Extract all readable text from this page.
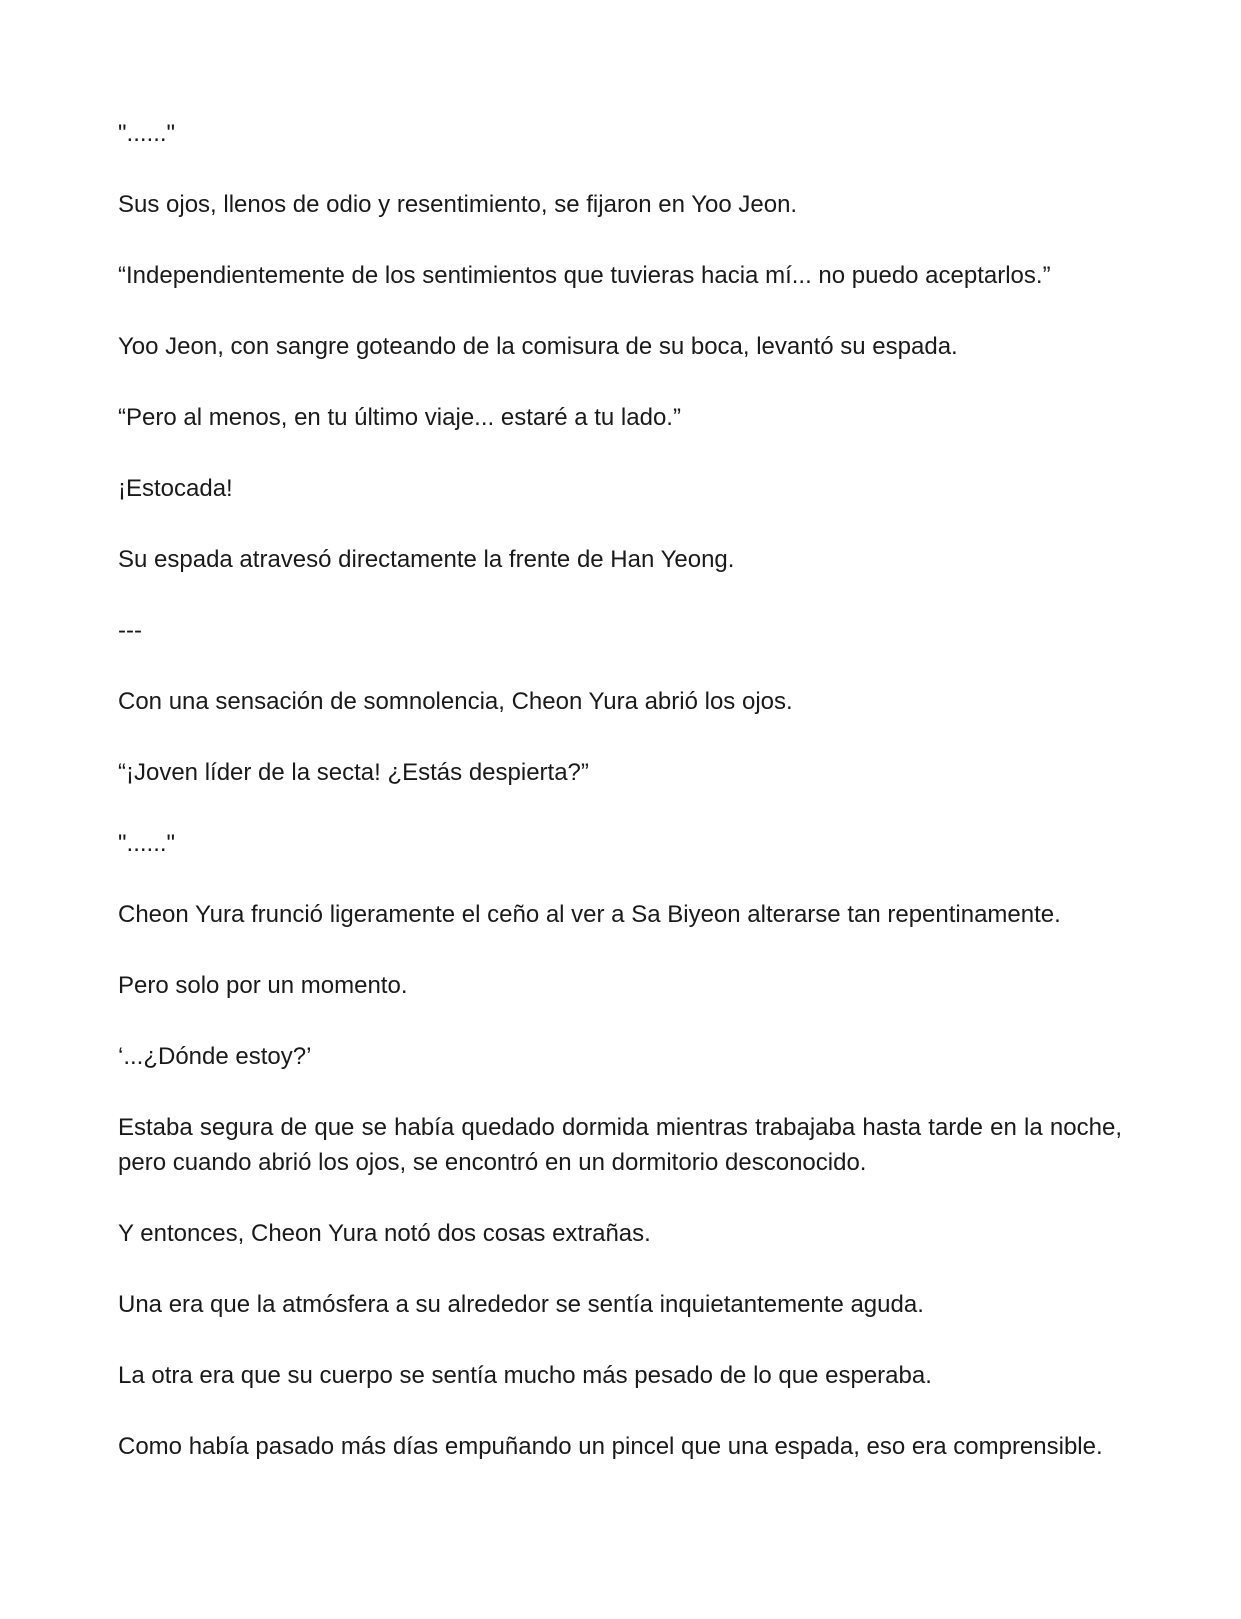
"......"

Sus ojos, llenos de odio y resentimiento, se fijaron en Yoo Jeon.

“Independientemente de los sentimientos que tuvieras hacia mí... no puedo aceptarlos.”

Yoo Jeon, con sangre goteando de la comisura de su boca, levantó su espada.

“Pero al menos, en tu último viaje... estaré a tu lado.”

¡Estocada!

Su espada atravesó directamente la frente de Han Yeong.

---

Con una sensación de somnolencia, Cheon Yura abrió los ojos.

“¡Joven líder de la secta! ¿Estás despierta?”

"......"

Cheon Yura frunció ligeramente el ceño al ver a Sa Biyeon alterarse tan repentinamente.

Pero solo por un momento.

‘...¿Dónde estoy?’

Estaba segura de que se había quedado dormida mientras trabajaba hasta tarde en la noche, pero cuando abrió los ojos, se encontró en un dormitorio desconocido.

Y entonces, Cheon Yura notó dos cosas extrañas.

Una era que la atmósfera a su alrededor se sentía inquietantemente aguda.

La otra era que su cuerpo se sentía mucho más pesado de lo que esperaba.

Como había pasado más días empuñando un pincel que una espada, eso era comprensible.
